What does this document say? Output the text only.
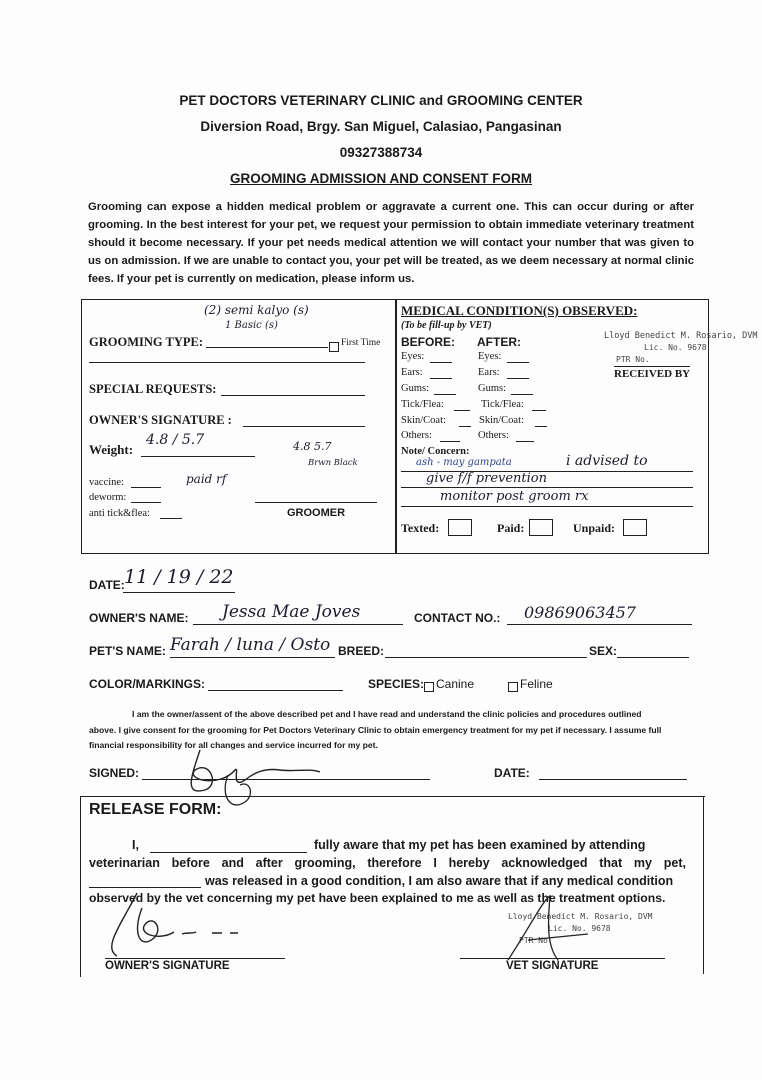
PET DOCTORS VETERINARY CLINIC and GROOMING CENTER
Diversion Road, Brgy. San Miguel, Calasiao, Pangasinan
09327388734
GROOMING ADMISSION AND CONSENT FORM
Grooming can expose a hidden medical problem or aggravate a current one. This can occur during or after grooming. In the best interest for your pet, we request your permission to obtain immediate veterinary treatment should it become necessary. If your pet needs medical attention we will contact your number that was given to us on admission. If we are unable to contact you, your pet will be treated, as we deem necessary at normal clinic fees. If your pet is currently on medication, please inform us.
(2) semi kalyo (s)
1 Basic (s)
GROOMING TYPE:	First Time
SPECIAL REQUESTS:
OWNER'S SIGNATURE :
Weight:
4.8 / 5.7	4.8 5.7
Brwn Black
vaccine:	paid rf
deworm:
anti tick&flea:	GROOMER
MEDICAL CONDITION(S) OBSERVED:
(To be fill-up by VET)
BEFORE: AFTER:
Eyes:	Eyes:
Ears:	Ears:
Gums:	Gums:
Tick/Flea:	Tick/Flea:
Skin/Coat:	Skin/Coat:
Others:	Others:
Lloyd Benedict M. Rosario, DVM
Lic. No. 9678
PTR No.
RECEIVED BY
Note/ Concern:
ash - may gampata	i advised to
give f/f prevention
monitor post groom rx
Texted:	Paid:	Unpaid:
DATE: 11 / 19 / 22
OWNER'S NAME: Jessa Mae Joves	CONTACT NO.: 09869063457
PET'S NAME: Farah / luna / Osto BREED:	SEX:
COLOR/MARKINGS:	SPECIES: Canine	Feline
I am the owner/assent of the above described pet and I have read and understand the clinic policies and procedures outlined
above. I give consent for the grooming for Pet Doctors Veterinary Clinic to obtain emergency treatment for my pet if necessary. I assume full
financial responsibility for all changes and service incurred for my pet.
SIGNED:	DATE:
RELEASE FORM:
I,	fully aware that my pet has been examined by attending
veterinarian before and after grooming, therefore I hereby acknowledged that my pet,
was released in a good condition, I am also aware that if any medical condition
observed by the vet concerning my pet have been explained to me as well as the treatment options.
Lloyd Benedict M. Rosario, DVM
Lic. No. 9678
PTR No.
OWNER'S SIGNATURE	VET SIGNATURE
